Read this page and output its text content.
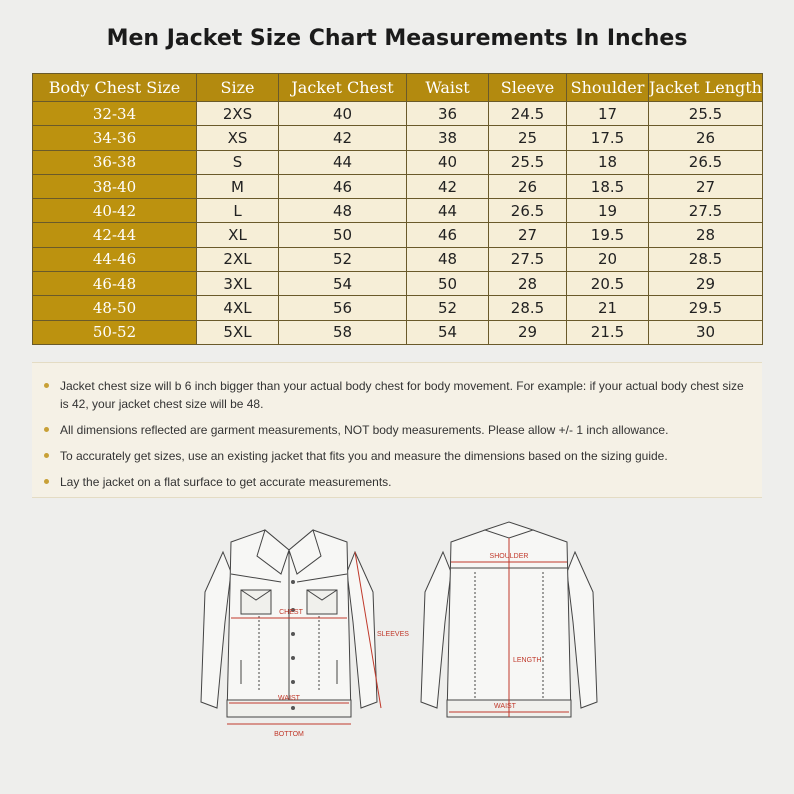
Men Jacket Size Chart Measurements In Inches
Body Chest Size	Size	Jacket Chest	Waist	Sleeve	Shoulder	Jacket Length
32-34	2XS	40	36	24.5	17	25.5
34-36	XS	42	38	25	17.5	26
36-38	S	44	40	25.5	18	26.5
38-40	M	46	42	26	18.5	27
40-42	L	48	44	26.5	19	27.5
42-44	XL	50	46	27	19.5	28
44-46	2XL	52	48	27.5	20	28.5
46-48	3XL	54	50	28	20.5	29
48-50	4XL	56	52	28.5	21	29.5
50-52	5XL	58	54	29	21.5	30
Jacket chest size will b 6 inch bigger than your actual body chest for body movement. For example: if your actual body chest size is 42, your jacket chest size will be 48.
All dimensions reflected are garment measurements, NOT body measurements. Please allow +/- 1 inch allowance.
To accurately get sizes, use an existing jacket that fits you and measure the dimensions based on the sizing guide.
Lay the jacket on a flat surface to get accurate measurements.
CHEST
WAIST
BOTTOM
SLEEVES
SHOULDER
LENGTH
WAIST
